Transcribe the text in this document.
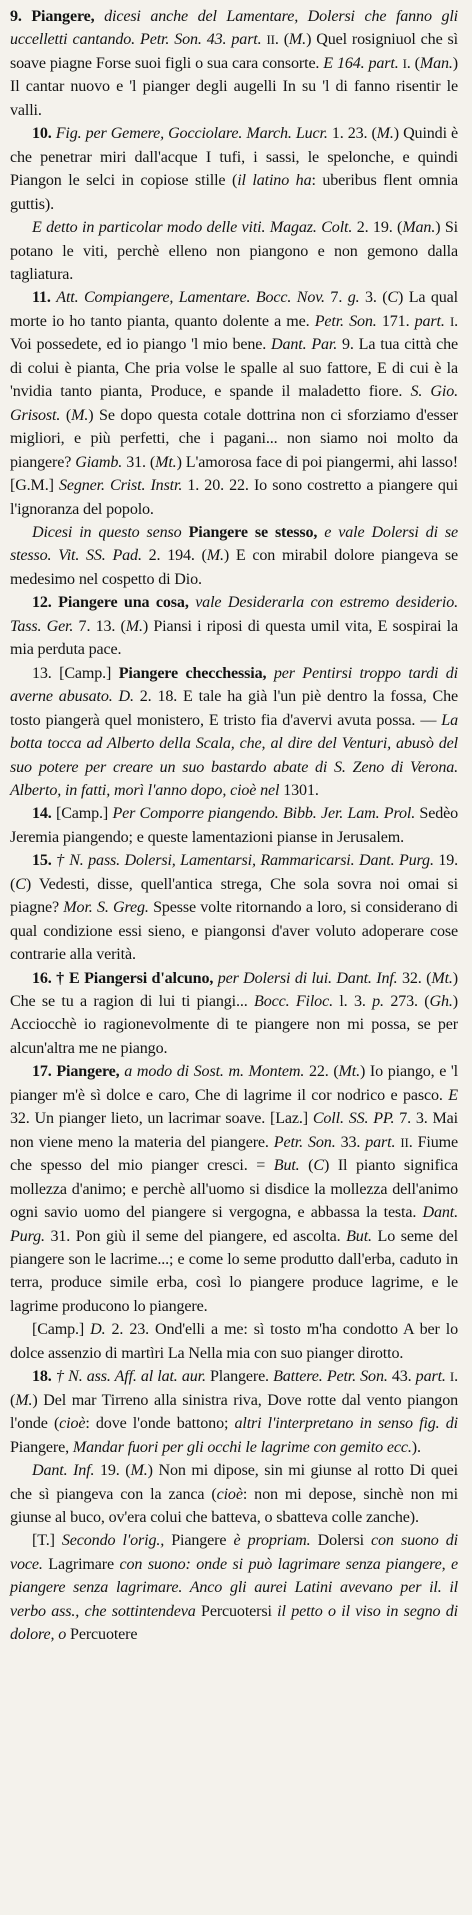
9. Piangere, dicesi anche del Lamentare, Dolersi che fanno gli uccelletti cantando. Petr. Son. 43. part. II. (M.) Quel rosigniuol che sì soave piagne Forse suoi figli o sua cara consorte. E 164. part. I. (Man.) Il cantar nuovo e 'l pianger degli augelli In su 'l di fanno risentir le valli.

10. Fig. per Gemere, Gocciolare. March. Lucr. 1. 23. (M.) Quindi è che penetrar miri dall'acque I tufi, i sassi, le spelonche, e quindi Piangon le selci in copiose stille (il latino ha: uberibus flent omnia guttis).

E detto in particolar modo delle viti. Magaz. Colt. 2. 19. (Man.) Si potano le viti, perchè elleno non piangono e non gemono dalla tagliatura.

11. Att. Compiangere, Lamentare. Bocc. Nov. 7. g. 3. (C) La qual morte io ho tanto pianta, quanto dolente a me. Petr. Son. 171. part. I. Voi possedete, ed io piango 'l mio bene. Dant. Par. 9. La tua città che di colui è pianta, Che pria volse le spalle al suo fattore, E di cui è la 'nvidia tanto pianta, Produce, e spande il maladetto fiore. S. Gio. Grisost. (M.) Se dopo questa cotale dottrina non ci sforziamo d'esser migliori, e più perfetti, che i pagani... non siamo noi molto da piangere? Giamb. 31. (Mt.) L'amorosa face di poi piangermi, ahi lasso! [G.M.] Segner. Crist. Instr. 1. 20. 22. Io sono costretto a piangere qui l'ignoranza del popolo.

Dicesi in questo senso Piangere se stesso, e vale Dolersi di se stesso. Vit. SS. Pad. 2. 194. (M.) E con mirabil dolore piangeva se medesimo nel cospetto di Dio.

12. Piangere una cosa, vale Desiderarla con estremo desiderio. Tass. Ger. 7. 13. (M.) Piansi i riposi di questa umil vita, E sospirai la mia perduta pace.

13. [Camp.] Piangere checchessia, per Pentirsi troppo tardi di averne abusato. D. 2. 18. E tale ha già l'un piè dentro la fossa, Che tosto piangerà quel monistero, E tristo fia d'avervi avuta possa. — La botta tocca ad Alberto della Scala, che, al dire del Venturi, abusò del suo potere per creare un suo bastardo abate di S. Zeno di Verona. Alberto, in fatti, morì l'anno dopo, cioè nel 1301.

14. [Camp.] Per Comporre piangendo. Bibb. Jer. Lam. Prol. Sedèo Jeremia piangendo; e queste lamentazioni pianse in Jerusalem.

15. † N. pass. Dolersi, Lamentarsi, Rammaricarsi. Dant. Purg. 19. (C) Vedesti, disse, quell'antica strega, Che sola sovra noi omai si piagne? Mor. S. Greg. Spesse volte ritornando a loro, si considerano di qual condizione essi sieno, e piangonsi d'aver voluto adoperare cose contrarie alla verità.

16. † E Piangersi d'alcuno, per Dolersi di lui. Dant. Inf. 32. (Mt.) Che se tu a ragion di lui ti piangi... Bocc. Filoc. l. 3. p. 273. (Gh.) Acciocchè io ragionevolmente di te piangere non mi possa, se per alcun'altra me ne piango.

17. Piangere, a modo di Sost. m. Montem. 22. (Mt.) Io piango, e 'l pianger m'è sì dolce e caro, Che di lagrime il cor nodrico e pasco. E 32. Un pianger lieto, un lacrimar soave. [Laz.] Coll. SS. PP. 7. 3. Mai non viene meno la materia del piangere. Petr. Son. 33. part. II. Fiume che spesso del mio pianger cresci. = But. (C) Il pianto significa mollezza d'animo; e perchè all'uomo si disdice la mollezza dell'animo ogni savio uomo del piangere si vergogna, e abbassa la testa. Dant. Purg. 31. Pon giù il seme del piangere, ed ascolta. But. Lo seme del piangere son le lacrime...; e come lo seme produtto dall'erba, caduto in terra, produce simile erba, così lo piangere produce lagrime, e le lagrime producono lo piangere.

[Camp.] D. 2. 23. Ond'elli a me: sì tosto m'ha condotto A ber lo dolce assenzio di martìri La Nella mia con suo pianger dirotto.

18. † N. ass. Aff. al lat. aur. Plangere. Battere. Petr. Son. 43. part. I. (M.) Del mar Tirreno alla sinistra riva, Dove rotte dal vento piangon l'onde (cioè: dove l'onde battono; altri l'interpretano in senso fig. di Piangere, Mandar fuori per gli occhi le lagrime con gemito ecc.).

Dant. Inf. 19. (M.) Non mi dipose, sin mi giunse al rotto Di quei che sì piangeva con la zanca (cioè: non mi depose, sinchè non mi giunse al buco, ov'era colui che batteva, o sbatteva colle zanche).

[T.] Secondo l'orig., Piangere è propriam. Dolersi con suono di voce. Lagrimare con suono: onde si può lagrimare senza piangere, e piangere senza lagrimare. Anco gli aurei Latini avevano per il. il verbo ass., che sottintendeva Percuotersi il petto o il viso in segno di dolore, o Percuotere
